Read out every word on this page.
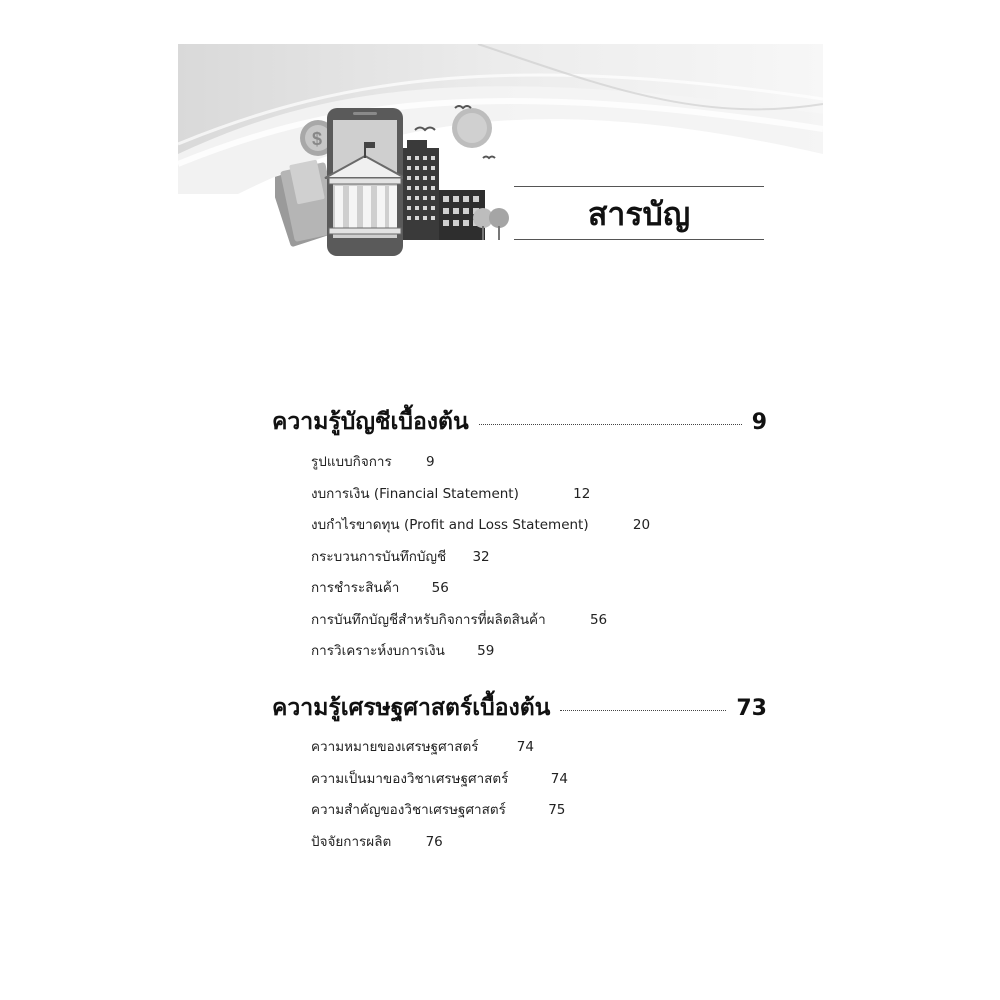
$
สารบัญ
ความรู้บัญชีเบื้องต้น	9
รูปแบบกิจการ	9
งบการเงิน (Financial Statement)	12
งบกำไรขาดทุน (Profit and Loss Statement)	20
กระบวนการบันทึกบัญชี 32
การชำระสินค้า 56
การบันทึกบัญชีสำหรับกิจการที่ผลิตสินค้า	56
การวิเคราะห์งบการเงิน 59
ความรู้เศรษฐศาสตร์เบื้องต้น	73
ความหมายของเศรษฐศาสตร์	74
ความเป็นมาของวิชาเศรษฐศาสตร์	74
ความสำคัญของวิชาเศรษฐศาสตร์	75
ปัจจัยการผลิต	76
